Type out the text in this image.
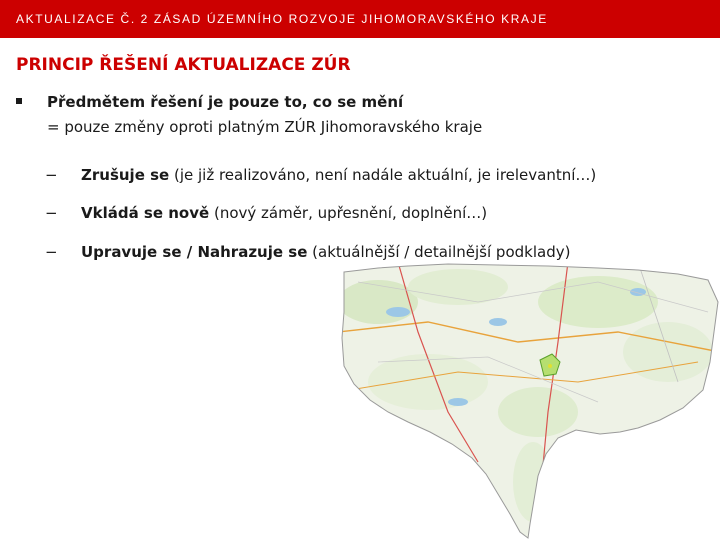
AKTUALIZACE Č. 2 ZÁSAD ÚZEMNÍHO ROZVOJE JIHOMORAVSKÉHO KRAJE
PRINCIP ŘEŠENÍ AKTUALIZACE ZÚR
Předmětem řešení je pouze to, co se mění
= pouze změny oproti platným ZÚR Jihomoravského kraje
− Zrušuje se (je již realizováno, není nadále aktuální, je irelevantní…)
− Vkládá se nově (nový záměr, upřesnění, doplnění…)
− Upravuje se / Nahrazuje se (aktuálnější / detailnější podklady)
